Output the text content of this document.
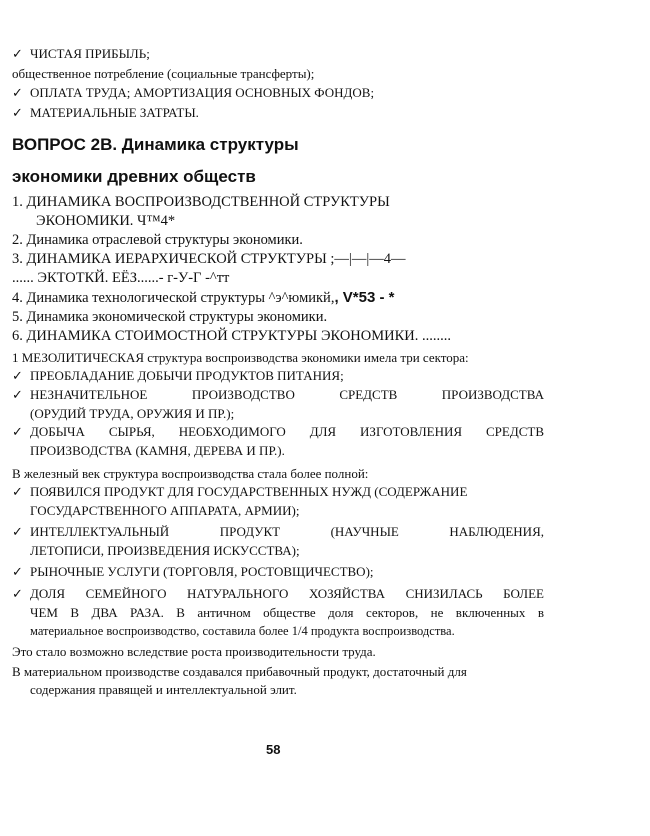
✓ ЧИСТАЯ ПРИБЫЛЬ;
общественное потребление (социальные трансферты);
✓ ОПЛАТА ТРУДА; АМОРТИЗАЦИЯ ОСНОВНЫХ ФОНДОВ;
✓ МАТЕРИАЛЬНЫЕ ЗАТРАТЫ.
ВОПРОС 2В. Динамика структуры
экономики древних обществ
1. ДИНАМИКА ВОСПРОИЗВОДСТВЕННОЙ СТРУКТУРЫ
ЭКОНОМИКИ. Ч™4*
2. Динамика отраслевой структуры экономики.
3. ДИНАМИКА ИЕРАРХИЧЕСКОЙ СТРУКТУРЫ ;—|—|—4—
...... ЭКТОТКЙ. ЕЁЗ......- г-У-Г -^тт
4. Динамика технологической структуры ^э^юмикй,, V*53 - *
5. Динамика экономической структуры экономики.
6. ДИНАМИКА СТОИМОСТНОЙ СТРУКТУРЫ ЭКОНОМИКИ. ........
1 МЕЗОЛИТИЧЕСКАЯ структура воспроизводства экономики имела три сектора:
✓ ПРЕОБЛАДАНИЕ ДОБЫЧИ ПРОДУКТОВ ПИТАНИЯ;
✓ НЕЗНАЧИТЕЛЬНОЕ ПРОИЗВОДСТВО СРЕДСТВ ПРОИЗВОДСТВА
(ОРУДИЙ ТРУДА, ОРУЖИЯ И ПР.);
✓ ДОБЫЧА СЫРЬЯ, НЕОБХОДИМОГО ДЛЯ ИЗГОТОВЛЕНИЯ СРЕДСТВ
ПРОИЗВОДСТВА (КАМНЯ, ДЕРЕВА И ПР.).
В железный век структура воспроизводства стала более полной:
✓ ПОЯВИЛСЯ ПРОДУКТ ДЛЯ ГОСУДАРСТВЕННЫХ НУЖД (СОДЕРЖАНИЕ
ГОСУДАРСТВЕННОГО АППАРАТА, АРМИИ);
✓ ИНТЕЛЛЕКТУАЛЬНЫЙ ПРОДУКТ (НАУЧНЫЕ НАБЛЮДЕНИЯ,
ЛЕТОПИСИ, ПРОИЗВЕДЕНИЯ ИСКУССТВА);
✓ РЫНОЧНЫЕ УСЛУГИ (ТОРГОВЛЯ, РОСТОВЩИЧЕСТВО);
✓ ДОЛЯ СЕМЕЙНОГО НАТУРАЛЬНОГО ХОЗЯЙСТВА СНИЗИЛАСЬ БОЛЕЕ
ЧЕМ В ДВА РАЗА. В античном обществе доля секторов, не включенных в
материальное воспроизводство, составила более 1/4 продукта воспроизводства.
Это стало возможно вследствие роста производительности труда.
В материальном производстве создавался прибавочный продукт, достаточный для
содержания правящей и интеллектуальной элит.
58
